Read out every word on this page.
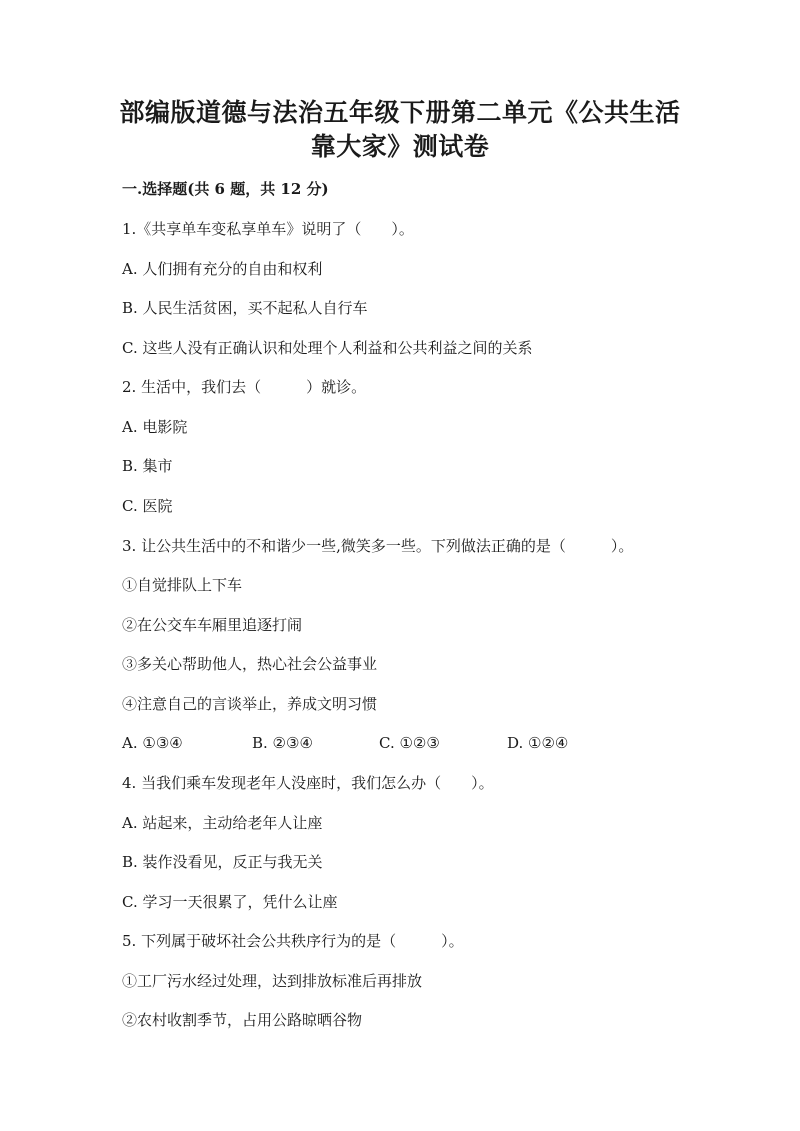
部编版道德与法治五年级下册第二单元《公共生活
靠大家》测试卷
一.选择题(共 6 题，共 12 分)
1.《共享单车变私享单车》说明了（　　）。
A. 人们拥有充分的自由和权利
B. 人民生活贫困，买不起私人自行车
C. 这些人没有正确认识和处理个人利益和公共利益之间的关系
2. 生活中，我们去（　　　）就诊。
A. 电影院
B. 集市
C. 医院
3. 让公共生活中的不和谐少一些,微笑多一些。下列做法正确的是（　　　）。
①自觉排队上下车
②在公交车车厢里追逐打闹
③多关心帮助他人，热心社会公益事业
④注意自己的言谈举止，养成文明习惯
A. ①③④	B. ②③④	C. ①②③	D. ①②④
4. 当我们乘车发现老年人没座时，我们怎么办（　　）。
A. 站起来，主动给老年人让座
B. 装作没看见，反正与我无关
C. 学习一天很累了，凭什么让座
5. 下列属于破坏社会公共秩序行为的是（　　　）。
①工厂污水经过处理，达到排放标准后再排放
②农村收割季节，占用公路晾晒谷物
